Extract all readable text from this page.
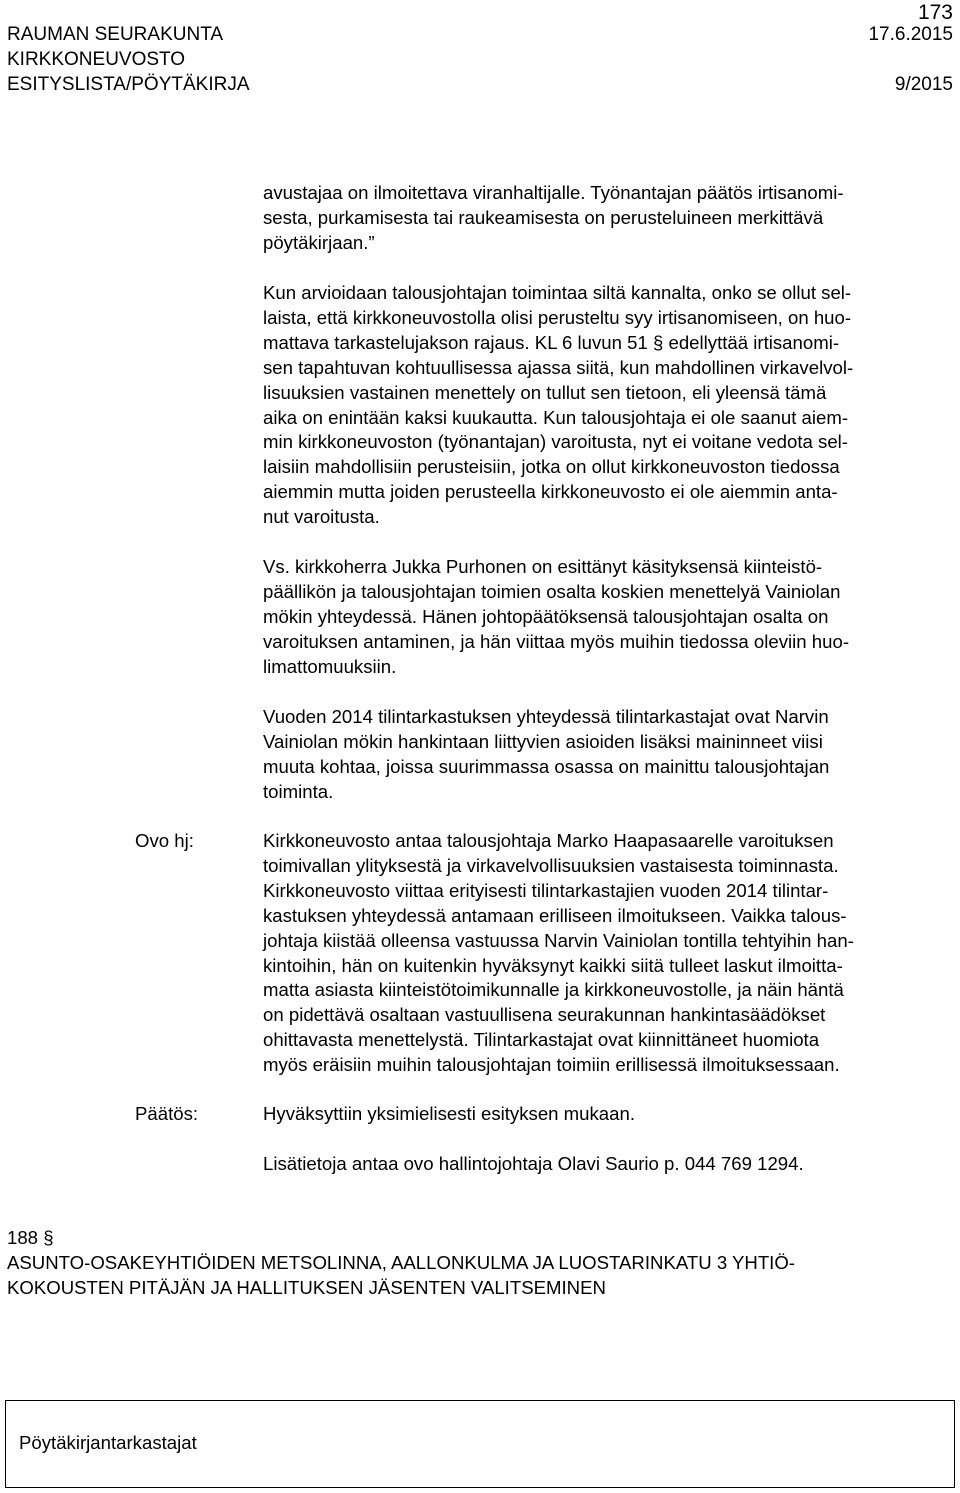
RAUMAN SEURAKUNTA
KIRKKONEUVOSTO
ESITYSLISTA/PÖYTÄKIRJA
173
17.6.2015
9/2015
avustajaa on ilmoitettava viranhaltijalle. Työnantajan päätös irtisanomi-
sesta, purkamisesta tai raukeamisesta on perusteluineen merkittävä
pöytäkirjaan.”
Kun arvioidaan talousjohtajan toimintaa siltä kannalta, onko se ollut sel-
laista, että kirkkoneuvostolla olisi perusteltu syy irtisanomiseen, on huo-
mattava tarkastelujakson rajaus. KL 6 luvun 51 § edellyttää irtisanomi-
sen tapahtuvan kohtuullisessa ajassa siitä, kun mahdollinen virkavelvol-
lisuuksien vastainen menettely on tullut sen tietoon, eli yleensä tämä
aika on enintään kaksi kuukautta. Kun talousjohtaja ei ole saanut aiem-
min kirkkoneuvoston (työnantajan) varoitusta, nyt ei voitane vedota sel-
laisiin mahdollisiin perusteisiin, jotka on ollut kirkkoneuvoston tiedossa
aiemmin mutta joiden perusteella kirkkoneuvosto ei ole aiemmin anta-
nut varoitusta.
Vs. kirkkoherra Jukka Purhonen on esittänyt käsityksensä kiinteistö-
päällikön ja talousjohtajan toimien osalta koskien menettelyä Vainiolan
mökin yhteydessä. Hänen johtopäätöksensä talousjohtajan osalta on
varoituksen antaminen, ja hän viittaa myös muihin tiedossa oleviin huo-
limattomuuksiin.
Vuoden 2014 tilintarkastuksen yhteydessä tilintarkastajat ovat Narvin
Vainiolan mökin hankintaan liittyvien asioiden lisäksi maininneet viisi
muuta kohtaa, joissa suurimmassa osassa on mainittu talousjohtajan
toiminta.
Ovo hj:	Kirkkoneuvosto antaa talousjohtaja Marko Haapasaarelle varoituksen
toimivallan ylityksestä ja virkavelvollisuuksien vastaisesta toiminnasta.
Kirkkoneuvosto viittaa erityisesti tilintarkastajien vuoden 2014 tilintar-
kastuksen yhteydessä antamaan erilliseen ilmoitukseen. Vaikka talous-
johtaja kiistää olleensa vastuussa Narvin Vainiolan tontilla tehtyihin han-
kintoihin, hän on kuitenkin hyväksynyt kaikki siitä tulleet laskut ilmoitta-
matta asiasta kiinteistötoimikunnalle ja kirkkoneuvostolle, ja näin häntä
on pidettävä osaltaan vastuullisena seurakunnan hankintasäädökset
ohittavasta menettelystä. Tilintarkastajat ovat kiinnittäneet huomiota
myös eräisiin muihin talousjohtajan toimiin erillisessä ilmoituksessaan.
Päätös:	Hyväksyttiin yksimielisesti esityksen mukaan.
Lisätietoja antaa ovo hallintojohtaja Olavi Saurio p. 044 769 1294.
188 §
ASUNTO-OSAKEYHTIÖIDEN METSOLINNA, AALLONKULMA JA LUOSTARINKATU 3 YHTIÖ-
KOKOUSTEN PITÄJÄN JA HALLITUKSEN JÄSENTEN VALITSEMINEN
Pöytäkirjantarkastajat
